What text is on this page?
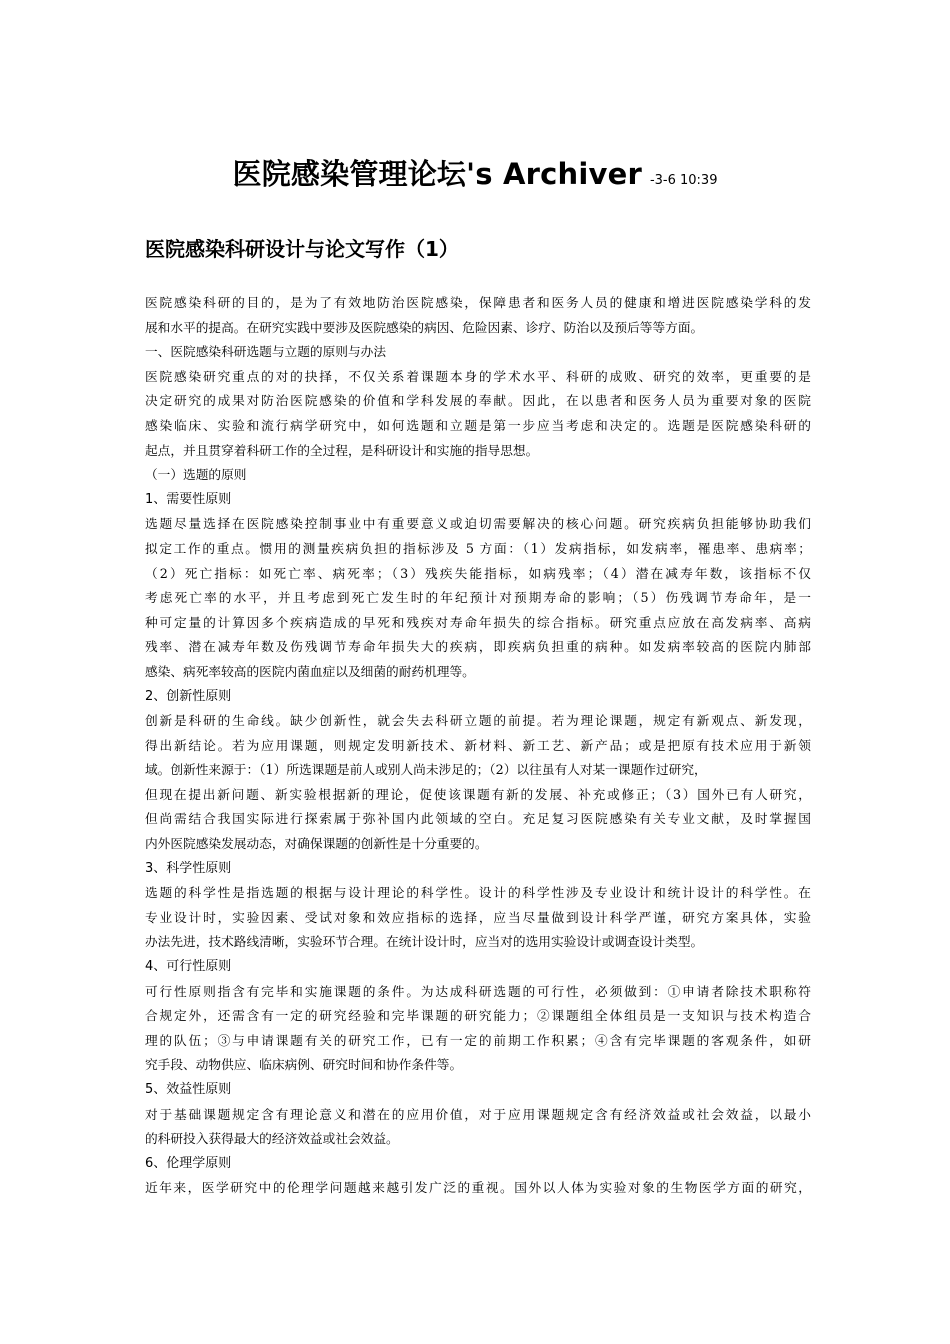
医院感染管理论坛's Archiver -3-6 10:39
医院感染科研设计与论文写作（1）
医院感染科研的目的，是为了有效地防治医院感染，保障患者和医务人员的健康和增进医院感染学科的发
展和水平的提高。在研究实践中要涉及医院感染的病因、危险因素、诊疗、防治以及预后等等方面。
一、医院感染科研选题与立题的原则与办法
医院感染研究重点的对的抉择，不仅关系着课题本身的学术水平、科研的成败、研究的效率，更重要的是
决定研究的成果对防治医院感染的价值和学科发展的奉献。因此，在以患者和医务人员为重要对象的医院
感染临床、实验和流行病学研究中，如何选题和立题是第一步应当考虑和决定的。选题是医院感染科研的
起点，并且贯穿着科研工作的全过程，是科研设计和实施的指导思想。
（一）选题的原则
1、需要性原则
选题尽量选择在医院感染控制事业中有重要意义或迫切需要解决的核心问题。研究疾病负担能够协助我们
拟定工作的重点。惯用的测量疾病负担的指标涉及 5 方面：（1）发病指标，如发病率，罹患率、患病率；
（2）死亡指标：如死亡率、病死率；（3）残疾失能指标，如病残率；（4）潜在减寿年数，该指标不仅
考虑死亡率的水平，并且考虑到死亡发生时的年纪预计对预期寿命的影响；（5）伤残调节寿命年，是一
种可定量的计算因多个疾病造成的早死和残疾对寿命年损失的综合指标。研究重点应放在高发病率、高病
残率、潜在减寿年数及伤残调节寿命年损失大的疾病，即疾病负担重的病种。如发病率较高的医院内肺部
感染、病死率较高的医院内菌血症以及细菌的耐药机理等。
2、创新性原则
创新是科研的生命线。缺少创新性，就会失去科研立题的前提。若为理论课题，规定有新观点、新发现，
得出新结论。若为应用课题，则规定发明新技术、新材料、新工艺、新产品；或是把原有技术应用于新领
域。创新性来源于：（1）所选课题是前人或别人尚未涉足的；（2）以往虽有人对某一课题作过研究，
但现在提出新问题、新实验根据新的理论，促使该课题有新的发展、补充或修正；（3）国外已有人研究，
但尚需结合我国实际进行探索属于弥补国内此领域的空白。充足复习医院感染有关专业文献，及时掌握国
内外医院感染发展动态，对确保课题的创新性是十分重要的。
3、科学性原则
选题的科学性是指选题的根据与设计理论的科学性。设计的科学性涉及专业设计和统计设计的科学性。在
专业设计时，实验因素、受试对象和效应指标的选择，应当尽量做到设计科学严谨，研究方案具体，实验
办法先进，技术路线清晰，实验环节合理。在统计设计时，应当对的选用实验设计或调查设计类型。
4、可行性原则
可行性原则指含有完毕和实施课题的条件。为达成科研选题的可行性，必须做到：①申请者除技术职称符
合规定外，还需含有一定的研究经验和完毕课题的研究能力；②课题组全体组员是一支知识与技术构造合
理的队伍；③与申请课题有关的研究工作，已有一定的前期工作积累；④含有完毕课题的客观条件，如研
究手段、动物供应、临床病例、研究时间和协作条件等。
5、效益性原则
对于基础课题规定含有理论意义和潜在的应用价值，对于应用课题规定含有经济效益或社会效益，以最小
的科研投入获得最大的经济效益或社会效益。
6、伦理学原则
近年来，医学研究中的伦理学问题越来越引发广泛的重视。国外以人体为实验对象的生物医学方面的研究，
